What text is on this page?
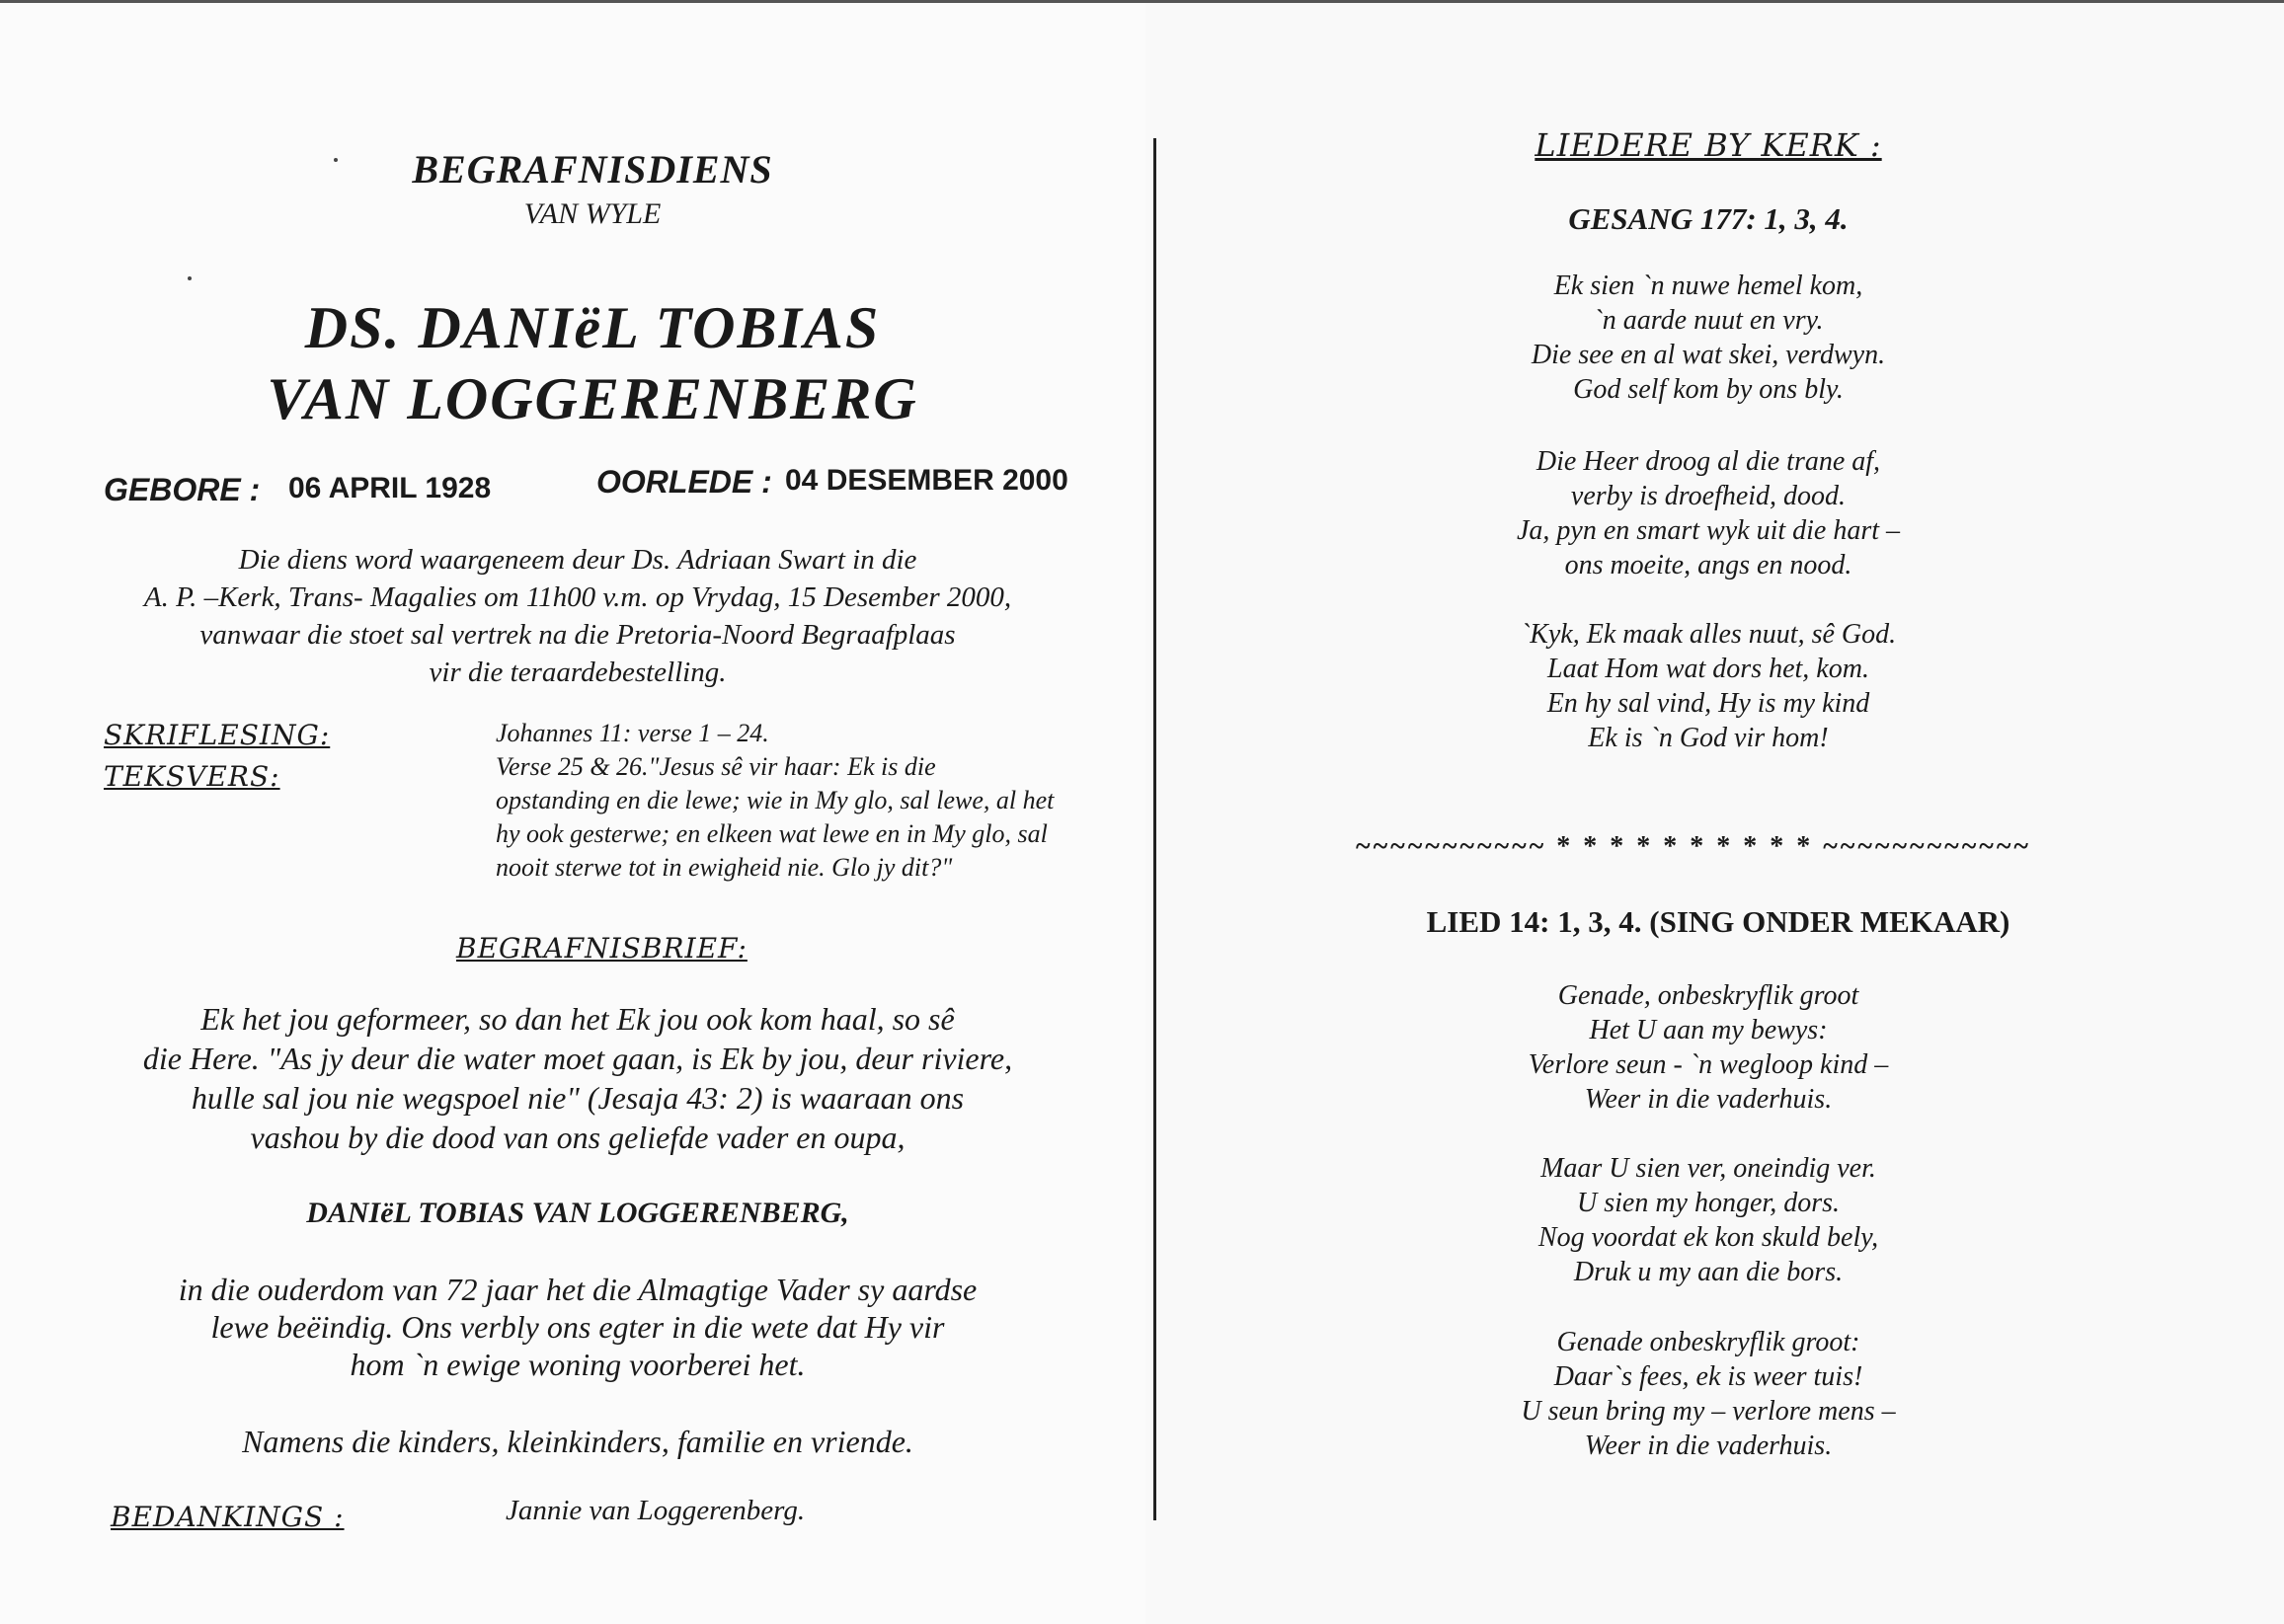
BEGRAFNISDIENS
VAN WYLE
DS. DANIëL TOBIAS
VAN LOGGERENBERG
GEBORE : 06 APRIL 1928	OORLEDE : 04 DESEMBER 2000
Die diens word waargeneem deur Ds. Adriaan Swart in die
A. P. –Kerk, Trans- Magalies om 11h00 v.m. op Vrydag, 15 Desember 2000,
vanwaar die stoet sal vertrek na die Pretoria-Noord Begraafplaas
vir die teraardebestelling.
SKRIFLESING:	Johannes 11: verse 1 – 24.
TEKSVERS:	Verse 25 & 26."Jesus sê vir haar: Ek is die
opstanding en die lewe; wie in My glo, sal lewe, al het
hy ook gesterwe; en elkeen wat lewe en in My glo, sal
nooit sterwe tot in ewigheid nie. Glo jy dit?"
BEGRAFNISBRIEF:
Ek het jou geformeer, so dan het Ek jou ook kom haal, so sê
die Here. "As jy deur die water moet gaan, is Ek by jou, deur riviere,
hulle sal jou nie wegspoel nie" (Jesaja 43: 2) is waaraan ons
vashou by die dood van ons geliefde vader en oupa,
DANIëL TOBIAS VAN LOGGERENBERG,
in die ouderdom van 72 jaar het die Almagtige Vader sy aardse
lewe beëindig. Ons verbly ons egter in die wete dat Hy vir
hom `n ewige woning voorberei het.
Namens die kinders, kleinkinders, familie en vriende.
BEDANKINGS :	Jannie van Loggerenberg.
LIEDERE BY KERK :
GESANG 177: 1, 3, 4.
Ek sien `n nuwe hemel kom,
`n aarde nuut en vry.
Die see en al wat skei, verdwyn.
God self kom by ons bly.
Die Heer droog al die trane af,
verby is droefheid, dood.
Ja, pyn en smart wyk uit die hart –
ons moeite, angs en nood.
`Kyk, Ek maak alles nuut, sê God.
Laat Hom wat dors het, kom.
En hy sal vind, Hy is my kind
Ek is `n God vir hom!
~~~~~~~~~~~ * * * * * * * * * * ~~~~~~~~~~~~
LIED 14: 1, 3, 4. (SING ONDER MEKAAR)
Genade, onbeskryflik groot
Het U aan my bewys:
Verlore seun - `n wegloop kind –
Weer in die vaderhuis.
Maar U sien ver, oneindig ver.
U sien my honger, dors.
Nog voordat ek kon skuld bely,
Druk u my aan die bors.
Genade onbeskryflik groot:
Daar`s fees, ek is weer tuis!
U seun bring my – verlore mens –
Weer in die vaderhuis.
